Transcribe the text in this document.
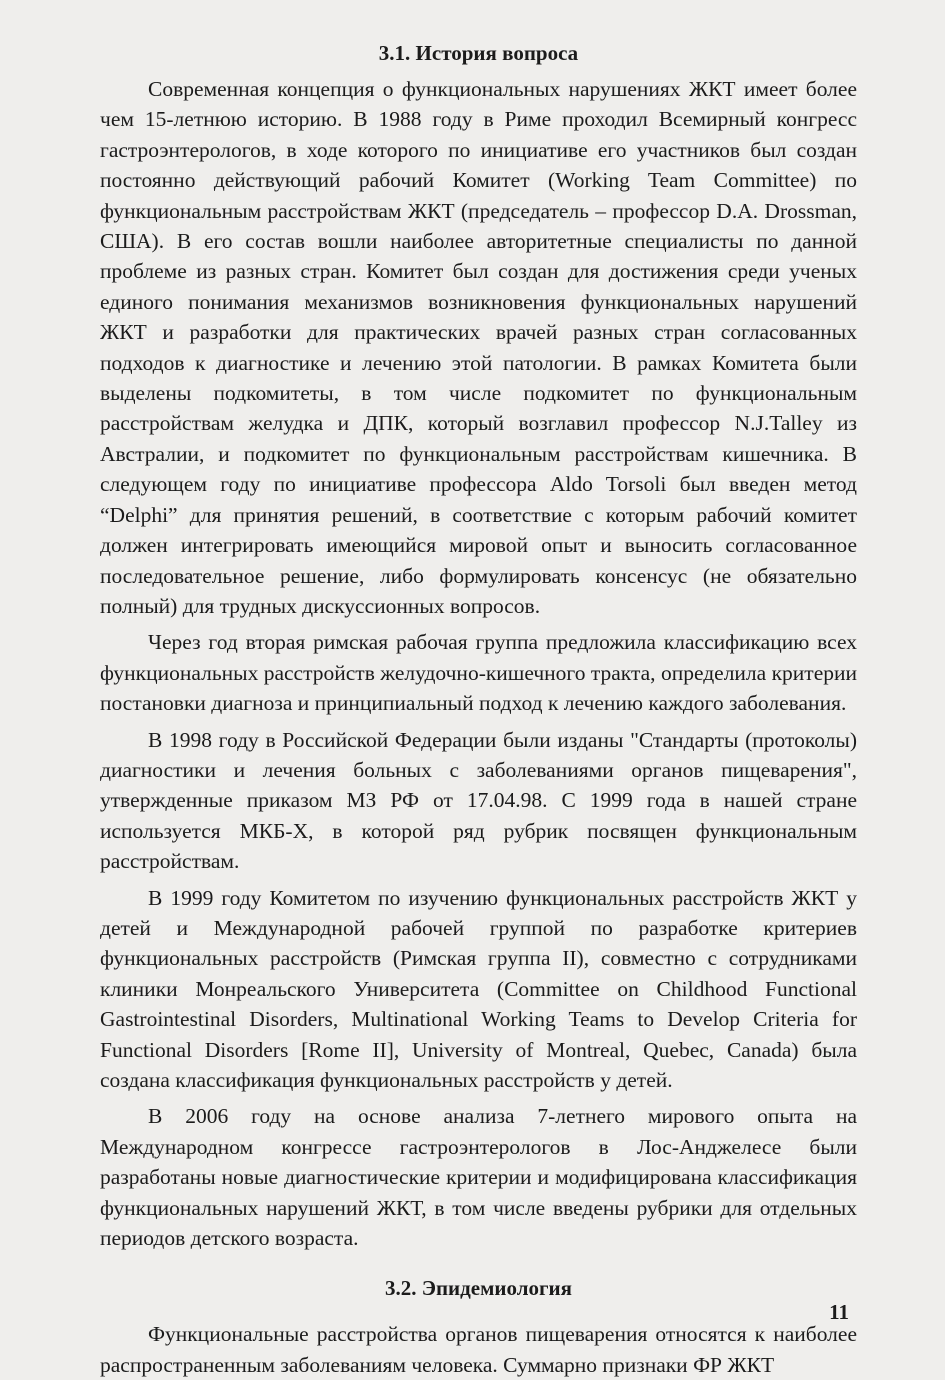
3.1. История вопроса

Современная концепция о функциональных нарушениях ЖКТ имеет более чем 15-летнюю историю. В 1988 году в Риме проходил Всемирный конгресс гастроэнтерологов, в ходе которого по инициативе его участников был создан постоянно действующий рабочий Комитет (Working Team Committee) по функциональным расстройствам ЖКТ (председатель – профессор D.A. Drossman, США). В его состав вошли наиболее авторитетные специалисты по данной проблеме из разных стран. Комитет был создан для достижения среди ученых единого понимания механизмов возникновения функциональных нарушений ЖКТ и разработки для практических врачей разных стран согласованных подходов к диагностике и лечению этой патологии. В рамках Комитета были выделены подкомитеты, в том числе подкомитет по функциональным расстройствам желудка и ДПК, который возглавил профессор N.J.Talley из Австралии, и подкомитет по функциональным расстройствам кишечника. В следующем году по инициативе профессора Aldo Torsoli был введен метод “Delphi” для принятия решений, в соответствие с которым рабочий комитет должен интегрировать имеющийся мировой опыт и выносить согласованное последовательное решение, либо формулировать консенсус (не обязательно полный) для трудных дискуссионных вопросов.

Через год вторая римская рабочая группа предложила классификацию всех функциональных расстройств желудочно-кишечного тракта, определила критерии постановки диагноза и принципиальный подход к лечению каждого заболевания.

В 1998 году в Российской Федерации были изданы "Стандарты (протоколы) диагностики и лечения больных с заболеваниями органов пищеварения", утвержденные приказом МЗ РФ от 17.04.98. С 1999 года в нашей стране используется МКБ-Х, в которой ряд рубрик посвящен функциональным расстройствам.

В 1999 году Комитетом по изучению функциональных расстройств ЖКТ у детей и Международной рабочей группой по разработке критериев функциональных расстройств (Римская группа II), совместно с сотрудниками клиники Монреальского Университета (Committee on Childhood Functional Gastrointestinal Disorders, Multinational Working Teams to Develop Criteria for Functional Disorders [Rome II], University of Montreal, Quebec, Canada) была создана классификация функциональных расстройств у детей.

В 2006 году на основе анализа 7-летнего мирового опыта на Международном конгрессе гастроэнтерологов в Лос-Анджелесе были разработаны новые диагностические критерии и модифицирована классификация функциональных нарушений ЖКТ, в том числе введены рубрики для отдельных периодов детского возраста.

3.2. Эпидемиология

Функциональные расстройства органов пищеварения относятся к наиболее распространенным заболеваниям человека. Суммарно признаки ФР ЖКТ

11
